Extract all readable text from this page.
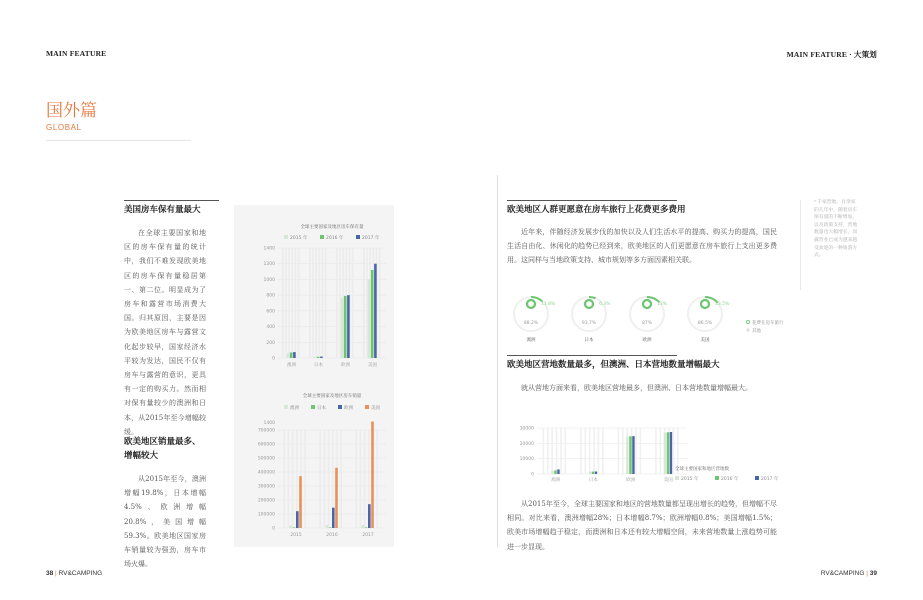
MAIN FEATURE	MAIN FEATURE · 大策划
国外篇
GLOBAL
美国房车保有量最大
在全球主要国家和地区的房车保有量的统计中，我们不难发现欧美地区的房车保有量稳居第一、第二位。明显成为了房车和露营市场消费大国。归其原因，主要是因为欧美地区房车与露营文化起步较早，国家经济水平较为发达，国民不仅有房车与露营的意识，更具有一定的购买力。然而相对保有量较少的澳洲和日本，从2015年至今增幅较缓。
欧美地区销量最多、增幅较大
从2015年至今，澳洲增幅19.8%，日本增幅4.5%、欧洲增幅20.8%，美国增幅59.3%。欧美地区国家房车销量较为强劲，房车市场火爆。
全球主要国家及地区房车保有量
2015 年	2016 年	2017 年
0
200
400
600
800
1000
1200
1400
澳洲	日本	欧洲	美国
全球主要国家及地区房车销量
澳洲	日本	欧洲	美国
0
100000
200000
300000
400000
500000
600000
700000
1400
2015	2016	2017
欧美地区人群更愿意在房车旅行上花费更多费用
近年来，伴随经济发展步伐的加快以及人们生活水平的提高、购买力的提高，国民生活自由化、休闲化的趋势已经到来，欧美地区的人们更愿意在房车旅行上支出更多费用。这同样与当地政策支持、城市规划等多方面因素相关联。
11.8%
88.2%
澳洲
6.3%
93.7%
日本
13%
87%
欧洲
13.5%
86.5%
美国
花费在房车旅行
其他
欧美地区营地数量最多，但澳洲、日本营地数量增幅最大
就从营地方面来看，欧美地区营地最多，但澳洲、日本营地数量增幅最大。
0
10000
20000
30000
澳洲	日本	欧洲	美国
全球主要国家和地区营地数
2015 年	2016 年	2017 年
从2015年至今，全球主要国家和地区的营地数量都呈现出增长的趋势，但增幅不尽相同。对比来看，澳洲增幅28%；日本增幅8.7%；欧洲增幅0.8%；美国增幅1.5%；欧美市场增幅趋于稳定，而澳洲和日本还有较大增幅空间，未来营地数量上涨趋势可能进一步显现。
* 千家营地、百余家的几年中，随着房车保有量的不断增加，以及政策支持，营地数量也大幅增长，而露营业已成为越来越受欢迎的一种旅游方式。
38 | RV&CAMPING	RV&CAMPING | 39
